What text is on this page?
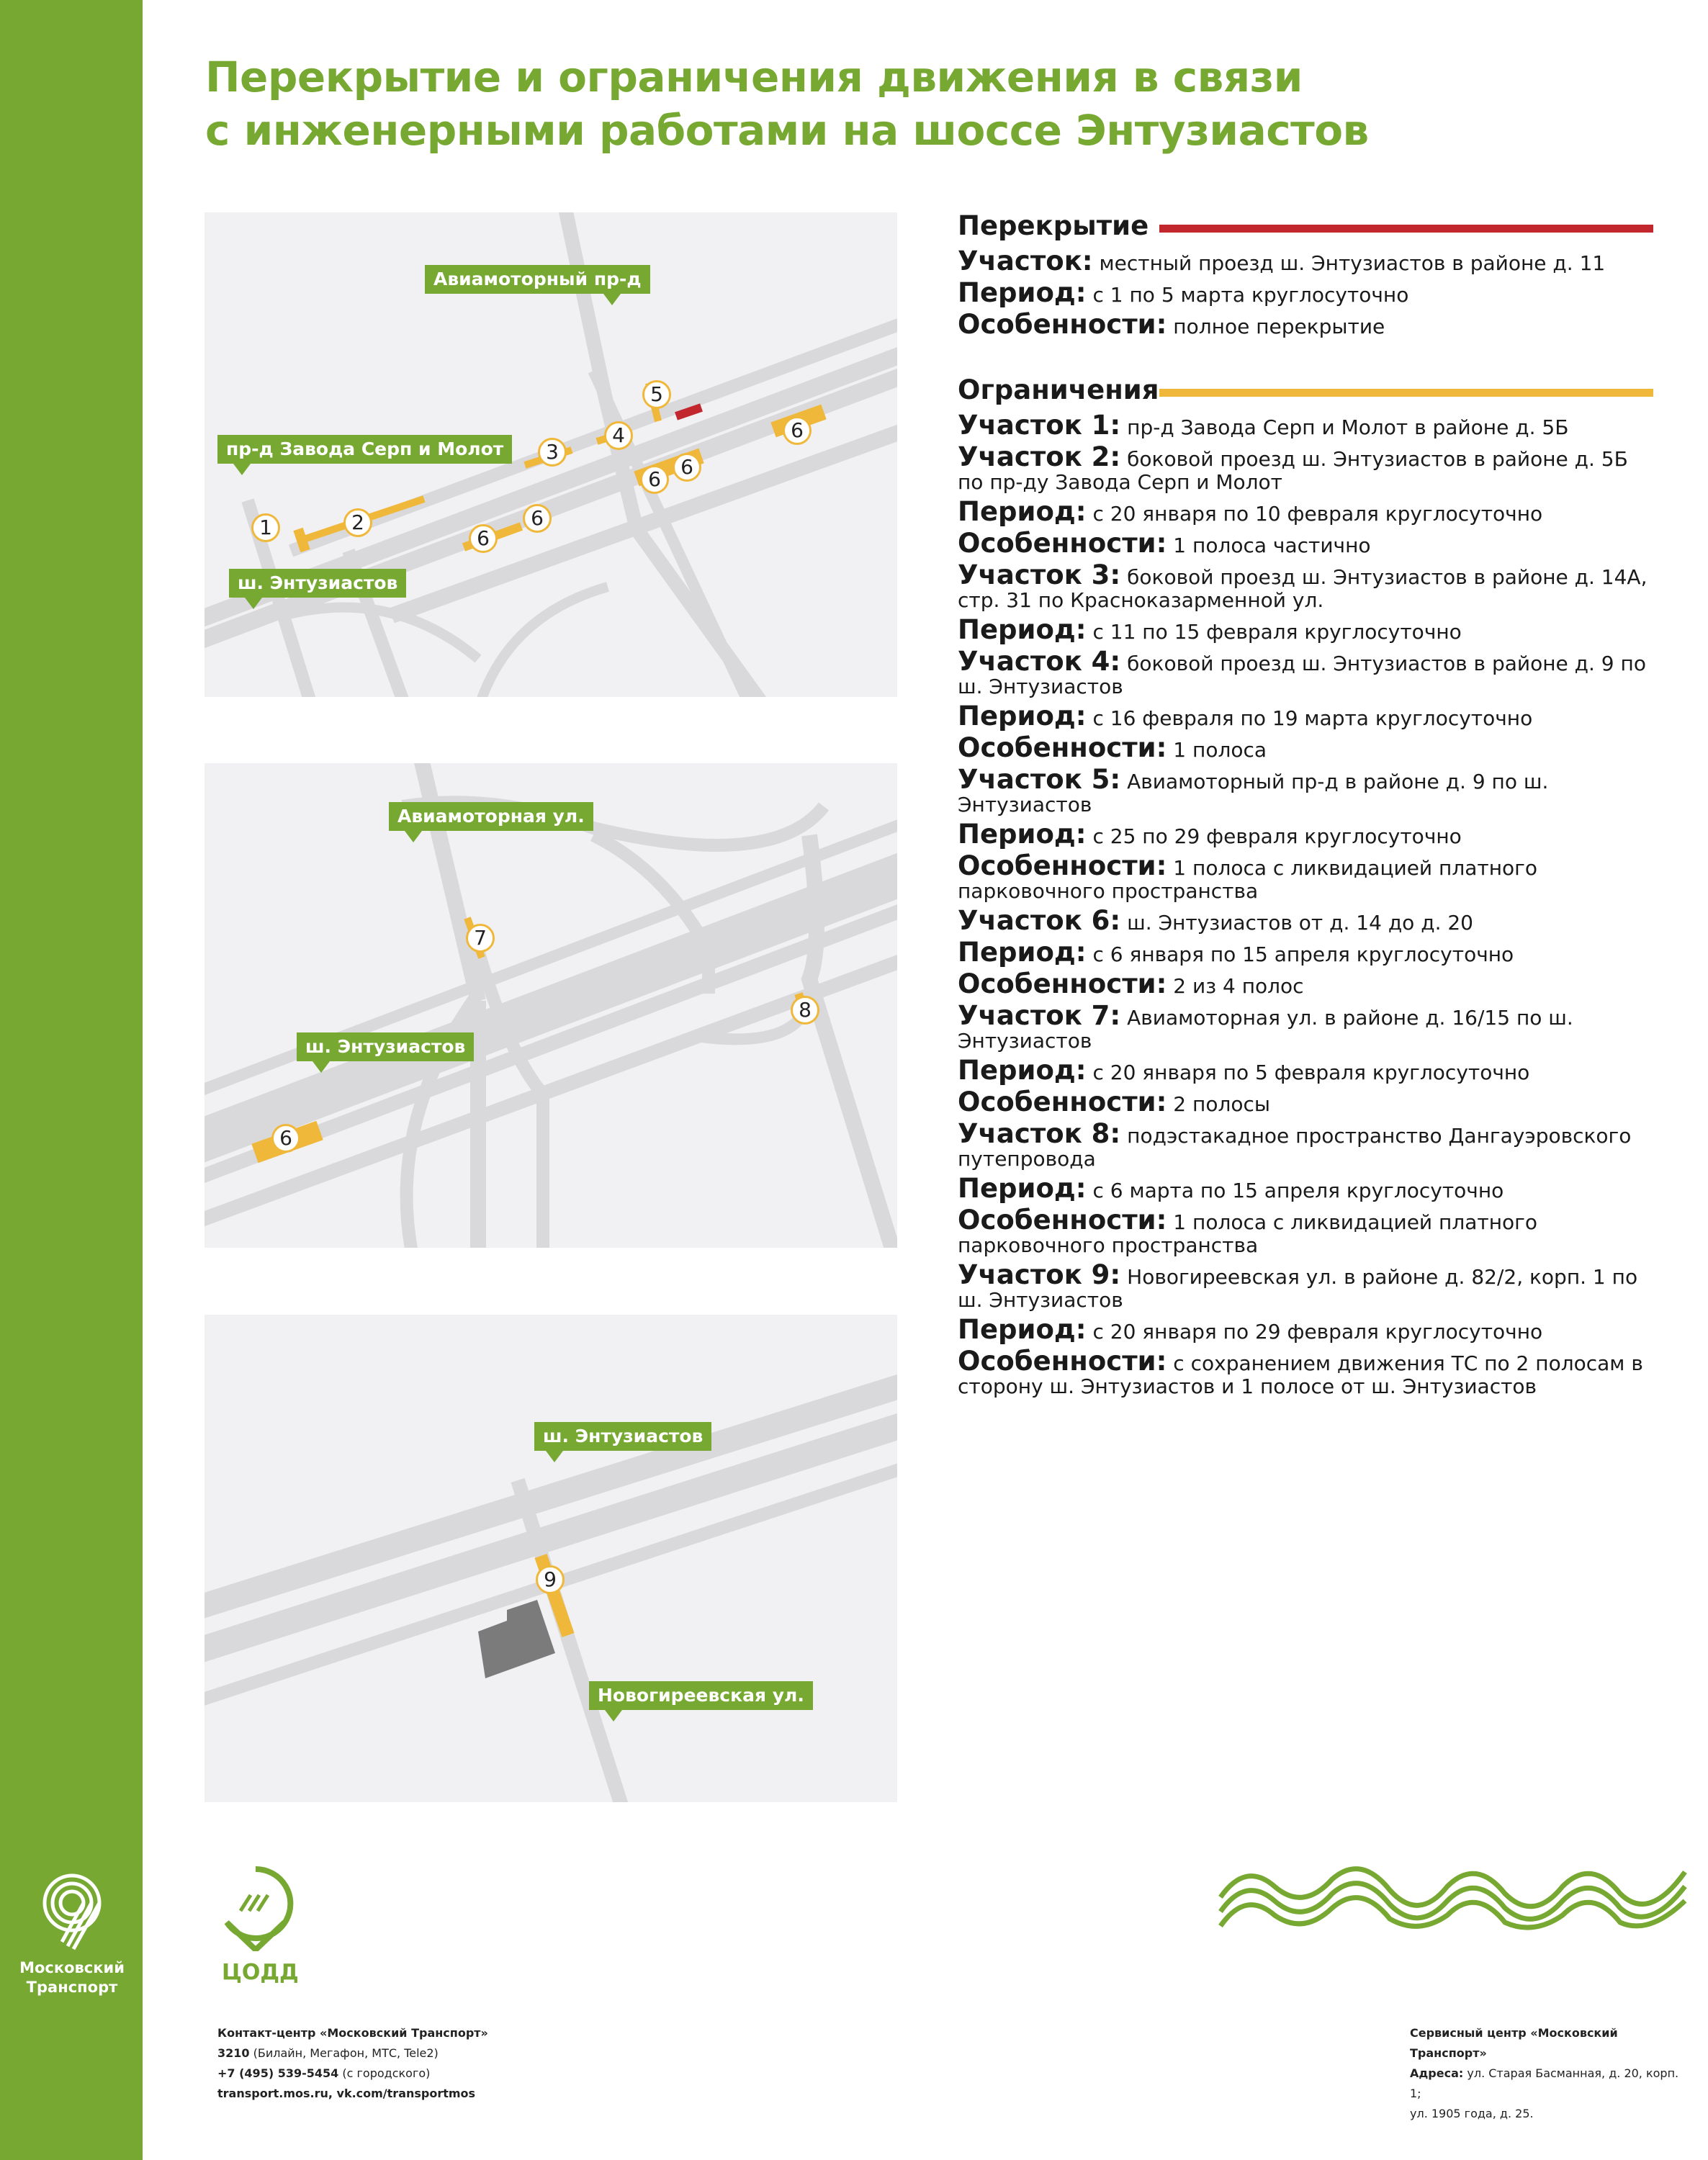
Перекрытие и ограничения движения в связи
с инженерными работами на шоссе Энтузиастов
Авиамоторный пр-д
пр-д Завода Серп и Молот
ш. Энтузиастов
1	2
3
4
5
6
6
6
6
6
Авиамоторная ул.
ш. Энтузиастов
7
8
6
ш. Энтузиастов
Новогиреевская ул.
9
Перекрытие
Участок: местный проезд ш. Энтузиастов в районе д. 11
Период: с 1 по 5 марта круглосуточно
Особенности: полное перекрытие
Ограничения
Участок 1: пр-д Завода Серп и Молот в районе д. 5Б
Участок 2: боковой проезд ш. Энтузиастов в районе д. 5Б по пр-ду Завода Серп и Молот
Период: с 20 января по 10 февраля круглосуточно
Особенности: 1 полоса частично
Участок 3: боковой проезд ш. Энтузиастов в районе д. 14А, стр. 31 по Красноказарменной ул.
Период: с 11 по 15 февраля круглосуточно
Участок 4: боковой проезд ш. Энтузиастов в районе д. 9 по ш. Энтузиастов
Период: с 16 февраля по 19 марта круглосуточно
Особенности: 1 полоса
Участок 5: Авиамоторный пр-д в районе д. 9 по ш. Энтузиастов
Период: с 25 по 29 февраля круглосуточно
Особенности: 1 полоса с ликвидацией платного парковочного пространства
Участок 6: ш. Энтузиастов от д. 14 до д. 20
Период: с 6 января по 15 апреля круглосуточно
Особенности: 2 из 4 полос
Участок 7: Авиамоторная ул. в районе д. 16/15 по ш. Энтузиастов
Период: с 20 января по 5 февраля круглосуточно
Особенности: 2 полосы
Участок 8: подэстакадное пространство Дангауэровского путепровода
Период: с 6 марта по 15 апреля круглосуточно
Особенности: 1 полоса с ликвидацией платного парковочного пространства
Участок 9: Новогиреевская ул. в районе д. 82/2, корп. 1 по ш. Энтузиастов
Период: с 20 января по 29 февраля круглосуточно
Особенности: с сохранением движения ТС по 2 полосам в сторону ш. Энтузиастов и 1 полосе от ш. Энтузиастов
Московский
Транспорт
ЦОДД
Контакт-центр «Московский Транспорт»
3210 (Билайн, Мегафон, МТС, Tele2)
+7 (495) 539-5454 (с городского)
transport.mos.ru, vk.com/transportmos
Сервисный центр «Московский Транспорт»
Адреса: ул. Старая Басманная, д. 20, корп. 1;
ул. 1905 года, д. 25.
